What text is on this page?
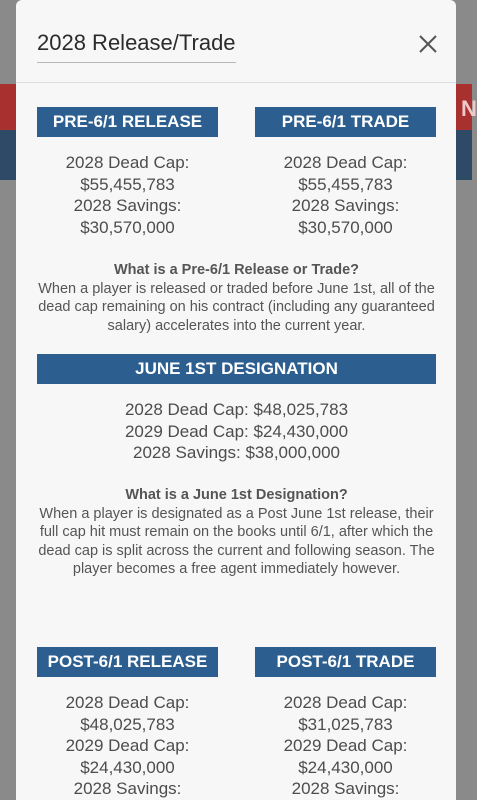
N
2028 Release/Trade
PRE-6/1 RELEASE	PRE-6/1 TRADE
2028 Dead Cap:
$55,455,783
2028 Savings:
$30,570,000
2028 Dead Cap:
$55,455,783
2028 Savings:
$30,570,000
What is a Pre-6/1 Release or Trade?

When a player is released or traded before June 1st, all of the dead cap remaining on his contract (including any guaranteed salary) accelerates into the current year.

JUNE 1ST DESIGNATION
2028 Dead Cap: $48,025,783
2029 Dead Cap: $24,430,000
2028 Savings: $38,000,000
What is a June 1st Designation?

When a player is designated as a Post June 1st release, their full cap hit must remain on the books until 6/1, after which the dead cap is split across the current and following season. The player becomes a free agent immediately however.

POST-6/1 RELEASE	POST-6/1 TRADE
2028 Dead Cap:
$48,025,783
2029 Dead Cap:
$24,430,000
2028 Savings:
2028 Dead Cap:
$31,025,783
2029 Dead Cap:
$24,430,000
2028 Savings:
